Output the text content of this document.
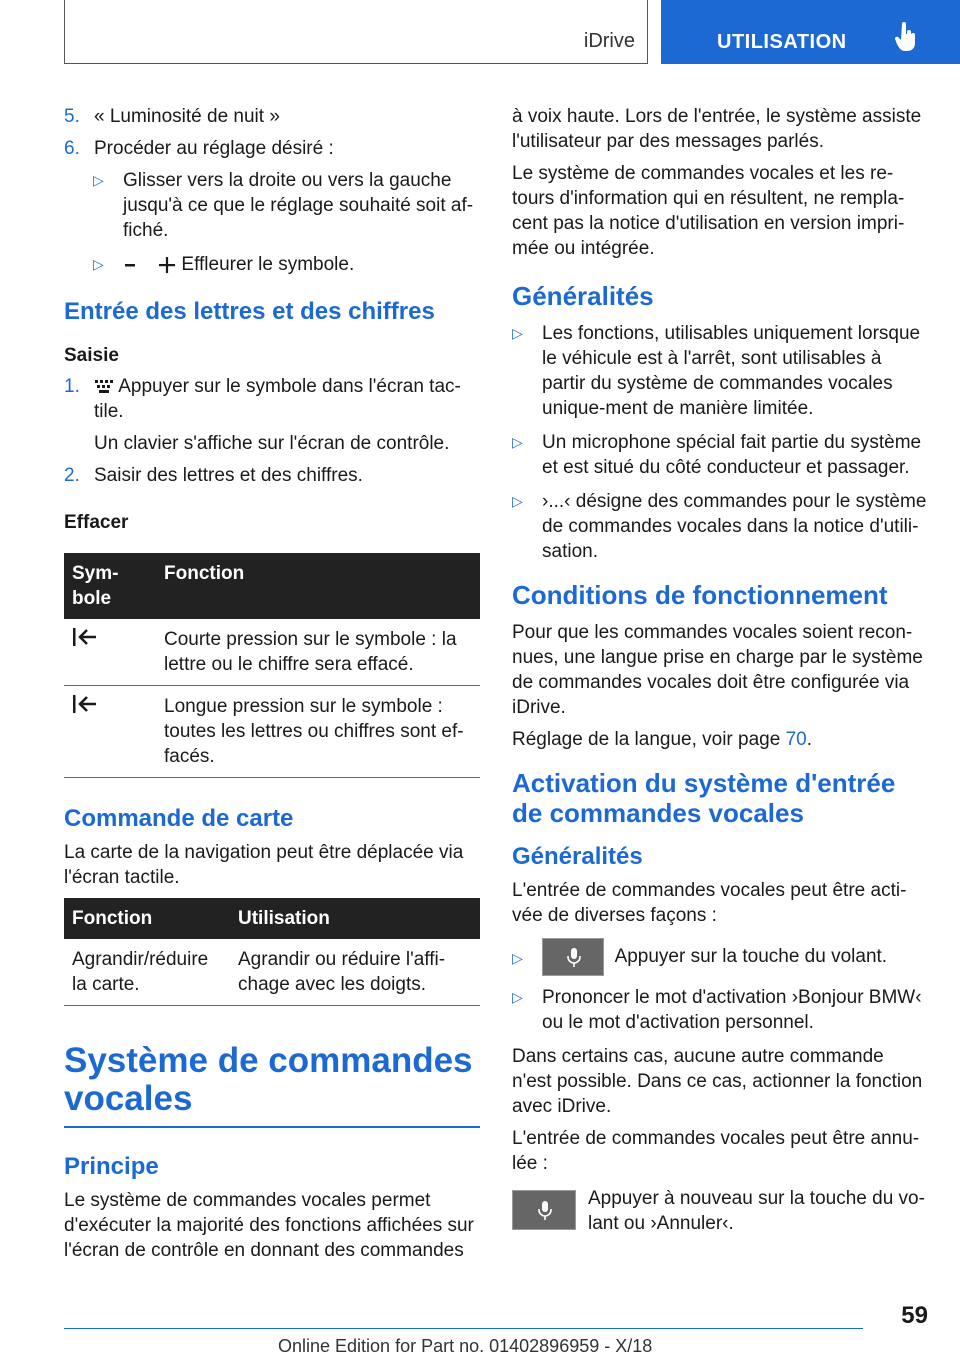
iDrive	UTILISATION
5. « Luminosité de nuit »
6. Procéder au réglage désiré :
▷ Glisser vers la droite ou vers la gauche jusqu'à ce que le réglage souhaité soit af-fiché.
▷	Effleurer le symbole.
Entrée des lettres et des chiffres
Saisie
1. Appuyer sur le symbole dans l'écran tac-tile.

Un clavier s'affiche sur l'écran de contrôle.

2. Saisir des lettres et des chiffres.
Effacer
Sym-bole	Fonction
	Courte pression sur le symbole : la lettre ou le chiffre sera effacé.
	Longue pression sur le symbole : toutes les lettres ou chiffres sont ef-facés.
Commande de carte

La carte de la navigation peut être déplacée via l'écran tactile.

Fonction	Utilisation
Agrandir/réduire la carte.	Agrandir ou réduire l'affi-chage avec les doigts.
Système de commandes vocales
Principe

Le système de commandes vocales permet d'exécuter la majorité des fonctions affichées sur l'écran de contrôle en donnant des commandes

à voix haute. Lors de l'entrée, le système assiste l'utilisateur par des messages parlés.

Le système de commandes vocales et les re-tours d'information qui en résultent, ne rempla-cent pas la notice d'utilisation en version impri-mée ou intégrée.

Généralités
▷ Les fonctions, utilisables uniquement lorsque le véhicule est à l'arrêt, sont utilisables à partir du système de commandes vocales unique-ment de manière limitée.
▷ Un microphone spécial fait partie du système et est situé du côté conducteur et passager.
▷ ›...‹ désigne des commandes pour le système de commandes vocales dans la notice d'utili-sation.
Conditions de fonctionnement

Pour que les commandes vocales soient recon-nues, une langue prise en charge par le système de commandes vocales doit être configurée via iDrive.

Réglage de la langue, voir page 70.

Activation du système d'entrée de commandes vocales
Généralités

L'entrée de commandes vocales peut être acti-vée de diverses façons :

▷	Appuyer sur la touche du volant.
▷ Prononcer le mot d'activation ›Bonjour BMW‹ ou le mot d'activation personnel.

Dans certains cas, aucune autre commande n'est possible. Dans ce cas, actionner la fonction avec iDrive.

L'entrée de commandes vocales peut être annu-lée :

Appuyer à nouveau sur la touche du vo-lant ou ›Annuler‹.
59
Online Edition for Part no. 01402896959 - X/18
